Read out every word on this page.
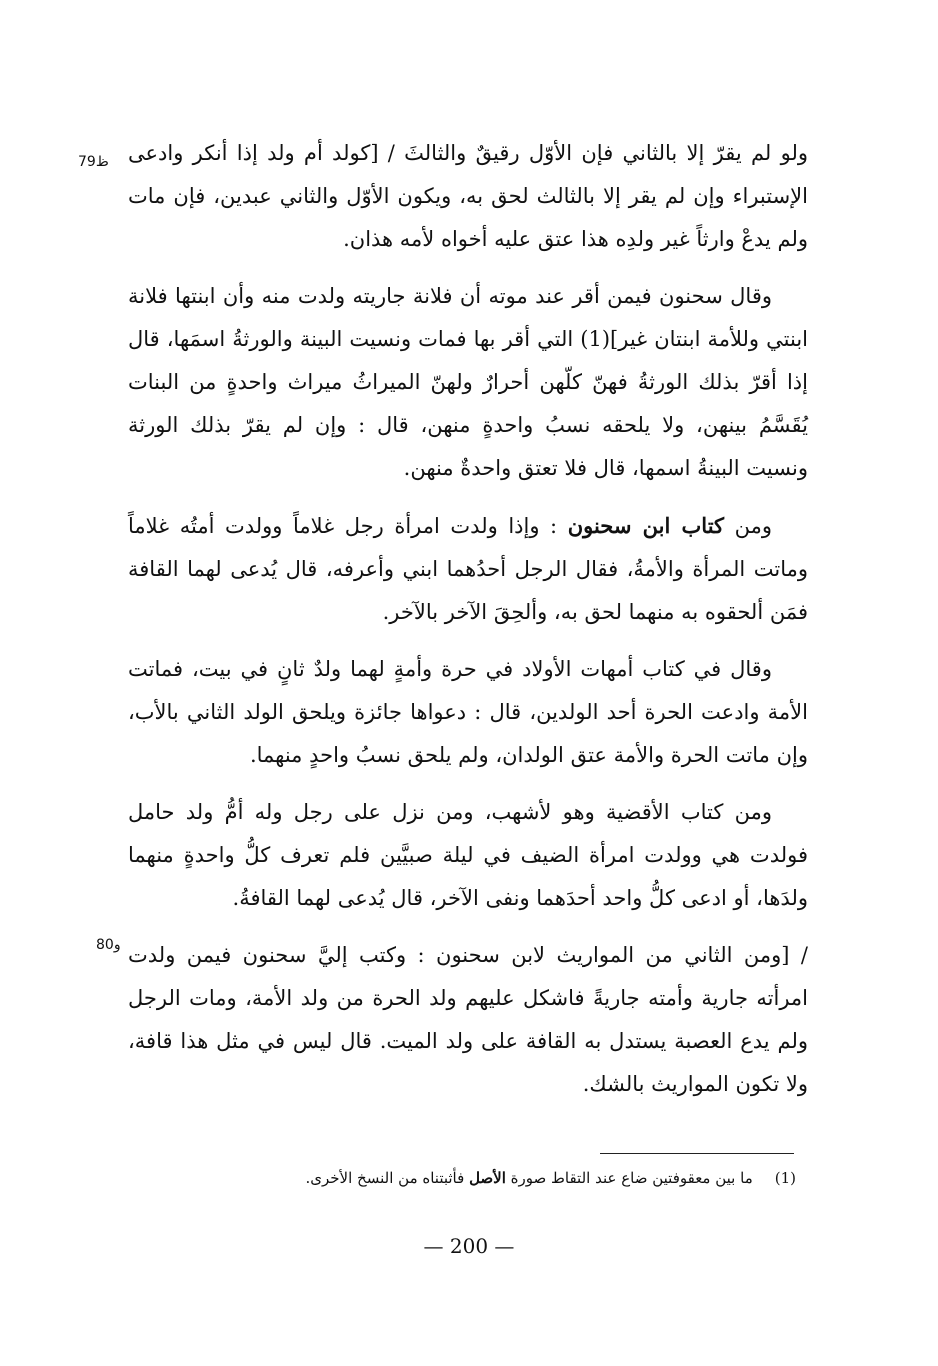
79ظ
80و

ولو لم يقرّ إلا بالثاني فإن الأوّل رقيقٌ والثالثَ / [كولد أم ولد إذا أنكر وادعى الإستبراء وإن لم يقر إلا بالثالث لحق به، ويكون الأوّل والثاني عبدين، فإن مات ولم يدعْ وارثاً غير ولدِه هذا عتق عليه أخواه لأمه هذان.

وقال سحنون فيمن أقر عند موته أن فلانة جاريته ولدت منه وأن ابنتها فلانة ابنتي وللأمة ابنتان غير](1) التي أقر بها فمات ونسيت البينة والورثةُ اسمَها، قال إذا أقرّ بذلك الورثةُ فهنّ كلّهن أحرارٌ ولهنّ الميراثُ ميراث واحدةٍ من البنات يُقَسَّمُ بينهن، ولا يلحقه نسبُ واحدةٍ منهن، قال : وإن لم يقرّ بذلك الورثة ونسيت البينةُ اسمها، قال فلا تعتق واحدةٌ منهن.

ومن كتاب ابن سحنون : وإذا ولدت امرأة رجل غلاماً وولدت أمتُه غلاماً وماتت المرأة والأمةُ، فقال الرجل أحدُهما ابني وأعرفه، قال يُدعى لهما القافة فمَن ألحقوه به منهما لحق به، وألحِقَ الآخر بالآخر.

وقال في كتاب أمهات الأولاد في حرة وأمةٍ لهما ولدٌ ثانٍ في بيت، فماتت الأمة وادعت الحرة أحد الولدين، قال : دعواها جائزة ويلحق الولد الثاني بالأب، وإن ماتت الحرة والأمة عتق الولدان، ولم يلحق نسبُ واحدٍ منهما.

ومن كتاب الأقضية وهو لأشهب، ومن نزل على رجل وله أمُّ ولد حامل فولدت هي وولدت امرأة الضيف في ليلة صبيَّين فلم تعرف كلُّ واحدةٍ منهما ولدَها، أو ادعى كلُّ واحد أحدَهما ونفى الآخر، قال يُدعى لهما القافةُ.

/ [ومن الثاني من المواريث لابن سحنون : وكتب إليَّ سحنون فيمن ولدت امرأته جارية وأمته جاريةً فاشكل عليهم ولد الحرة من ولد الأمة، ومات الرجل ولم يدع العصبة يستدل به القافة على ولد الميت. قال ليس في مثل هذا قافة، ولا تكون المواريث بالشك.

(1)ما بين معقوفتين ضاع عند التقاط صورة الأصل فأثبتناه من النسخ الأخرى.
— 200 —
